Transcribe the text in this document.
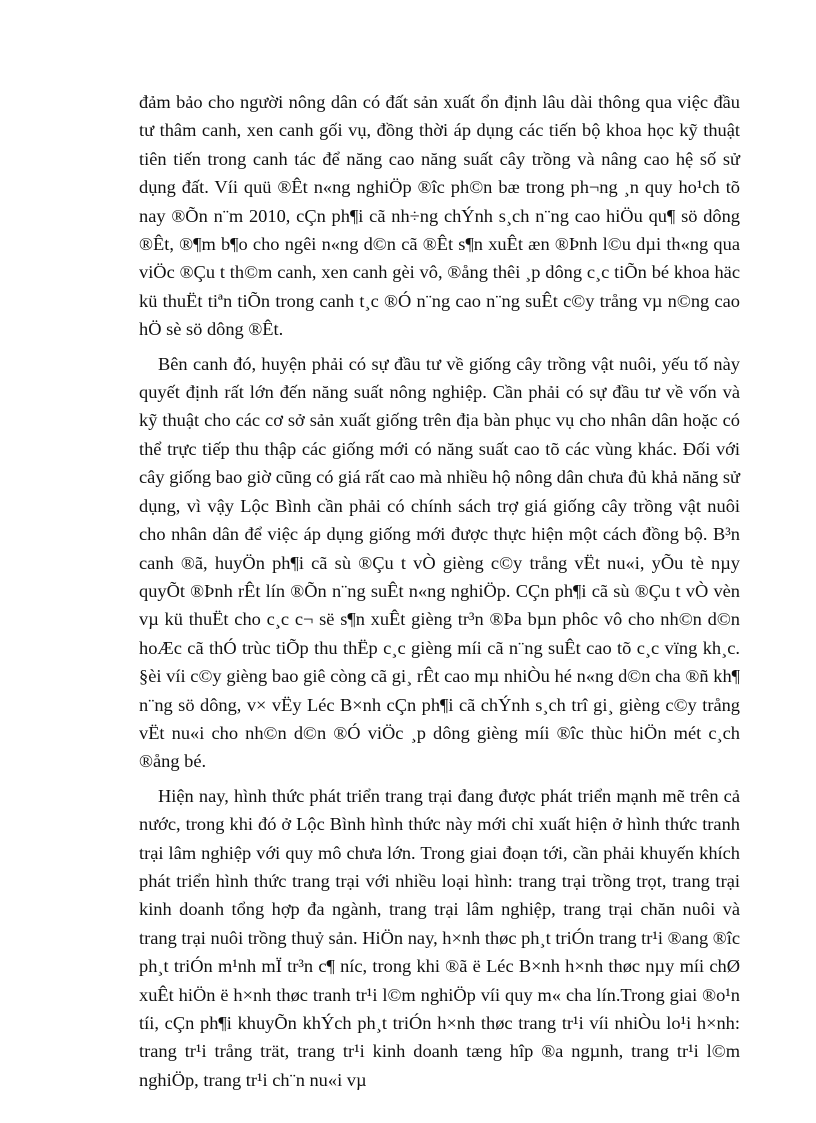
đảm bảo cho người nông dân có đất sản xuất ổn định lâu dài thông qua việc đầu tư thâm canh, xen canh gối vụ, đồng thời áp dụng các tiến bộ khoa học kỹ thuật tiên tiến trong canh tác để năng cao năng suất cây trồng và nâng cao hệ số sử dụng đất. Víi quü ®Êt n«ng nghiÖp ®îc ph©n bæ trong ph¬ng ¸n quy ho¹ch tõ nay ®Õn n¨m 2010, cÇn ph¶i cã nh÷ng chÝnh s¸ch n¨ng cao hiÖu qu¶ sö dông ®Êt, ®¶m b¶o cho ngêi n«ng d©n cã ®Êt s¶n xuÊt æn ®Þnh l©u dµi th«ng qua viÖc ®Çu t th©m canh, xen canh gèi vô, ®ång thêi ¸p dông c¸c tiÕn bé khoa häc kü thuËt tiªn tiÕn trong canh t¸c ®Ó n¨ng cao n¨ng suÊt c©y trång vµ n©ng cao hÖ sè sö dông ®Êt.

Bên canh đó, huyện phải có sự đầu tư về giống cây trồng vật nuôi, yếu tố này quyết định rất lớn đến năng suất nông nghiệp. Cần phải có sự đầu tư về vốn và kỹ thuật cho các cơ sở sản xuất giống trên địa bàn phục vụ cho nhân dân hoặc có thể trực tiếp thu thập các giống mới có năng suất cao tõ các vùng khác. Đối với cây giống bao giờ cũng có giá rất cao mà nhiều hộ nông dân chưa đủ khả năng sử dụng, vì vậy Lộc Bình cần phải có chính sách trợ giá giống cây trồng vật nuôi cho nhân dân để việc áp dụng giống mới được thực hiện một cách đồng bộ. B³n canh ®ã, huyÖn ph¶i cã sù ®Çu t vÒ gièng c©y trång vËt nu«i, yÕu tè nµy quyÕt ®Þnh rÊt lín ®Õn n¨ng suÊt n«ng nghiÖp. CÇn ph¶i cã sù ®Çu t vÒ vèn vµ kü thuËt cho c¸c c¬ së s¶n xuÊt gièng tr³n ®Þa bµn phôc vô cho nh©n d©n hoÆc cã thÓ trùc tiÕp thu thËp c¸c gièng míi cã n¨ng suÊt cao tõ c¸c vïng kh¸c. §èi víi c©y gièng bao giê còng cã gi¸ rÊt cao mµ nhiÒu hé n«ng d©n cha ®ñ kh¶ n¨ng sö dông, v× vËy Léc B×nh cÇn ph¶i cã chÝnh s¸ch trî gi¸ gièng c©y trång vËt nu«i cho nh©n d©n ®Ó viÖc ¸p dông gièng míi ®îc thùc hiÖn mét c¸ch ®ång bé.

Hiện nay, hình thức phát triển trang trại đang được phát triển mạnh mẽ trên cả nước, trong khi đó ở Lộc Bình hình thức này mới chỉ xuất hiện ở hình thức tranh trại lâm nghiệp với quy mô chưa lớn. Trong giai đoạn tới, cần phải khuyến khích phát triển hình thức trang trại với nhiều loại hình: trang trại trồng trọt, trang trại kinh doanh tổng hợp đa ngành, trang trại lâm nghiệp, trang trại chăn nuôi và trang trại nuôi trồng thuỷ sản. HiÖn nay, h×nh thøc ph¸t triÓn trang tr¹i ®ang ®îc ph¸t triÓn m¹nh mÏ tr³n c¶ níc, trong khi ®ã ë Léc B×nh h×nh thøc nµy míi chØ xuÊt hiÖn ë h×nh thøc tranh tr¹i l©m nghiÖp víi quy m« cha lín.Trong giai ®o¹n tíi, cÇn ph¶i khuyÕn khÝch ph¸t triÓn h×nh thøc trang tr¹i víi nhiÒu lo¹i h×nh: trang tr¹i trång trät, trang tr¹i kinh doanh tæng hîp ®a ngµnh, trang tr¹i l©m nghiÖp, trang tr¹i ch¨n nu«i vµ
